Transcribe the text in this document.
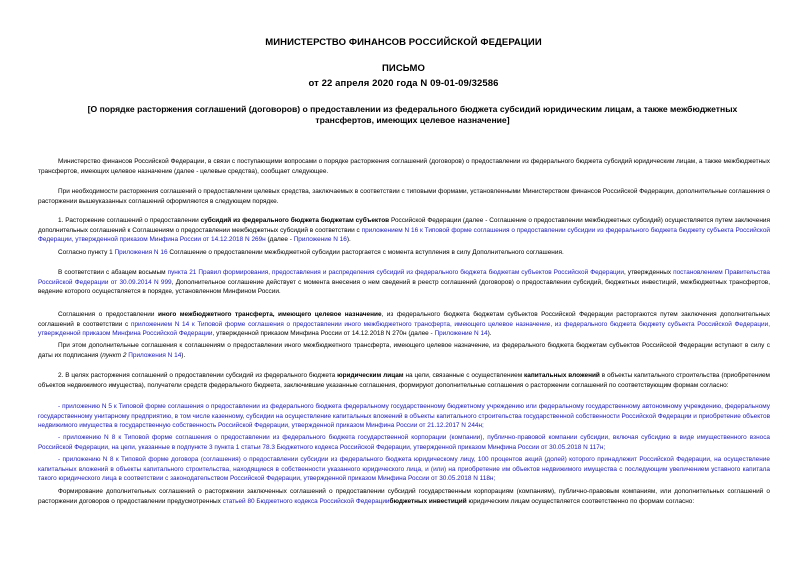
МИНИСТЕРСТВО ФИНАНСОВ РОССИЙСКОЙ ФЕДЕРАЦИИ
ПИСЬМО
от 22 апреля 2020 года N 09-01-09/32586
[О порядке расторжения соглашений (договоров) о предоставлении из федерального бюджета субсидий юридическим лицам, а также межбюджетных трансфертов, имеющих целевое назначение]

Министерство финансов Российской Федерации, в связи с поступающими вопросами о порядке расторжения соглашений (договоров) о предоставлении из федерального бюджета субсидий юридическим лицам, а также межбюджетных трансфертов, имеющих целевое назначение (далее - целевые средства), сообщает следующее.

При необходимости расторжения соглашений о предоставлении целевых средства, заключаемых в соответствии с типовыми формами, установленными Министерством финансов Российской Федерации, дополнительные соглашения о расторжении вышеуказанных соглашений оформляются в следующем порядке.

1. Расторжение соглашений о предоставлении субсидий из федерального бюджета бюджетам субъектов Российской Федерации (далее - Соглашение о предоставлении межбюджетных субсидий) осуществляется путем заключения дополнительных соглашений к Соглашениям о предоставлении межбюджетных субсидий в соответствии с приложением N 16 к Типовой форме соглашения о предоставлении субсидии из федерального бюджета бюджету субъекта Российской Федерации, утвержденной приказом Минфина России от 14.12.2018 N 269н (далее - Приложение N 16).

Согласно пункту 1 Приложения N 16 Соглашение о предоставлении межбюджетной субсидии расторгается с момента вступления в силу Дополнительного соглашения.

В соответствии с абзацем восьмым пункта 21 Правил формирования, предоставления и распределения субсидий из федерального бюджета бюджетам субъектов Российской Федерации, утвержденных постановлением Правительства Российской Федерации от 30.09.2014 N 999, Дополнительное соглашение действует с момента внесения о нем сведений в реестр соглашений (договоров) о предоставлении субсидий, бюджетных инвестиций, межбюджетных трансфертов, ведение которого осуществляется в порядке, установленном Минфином России.

Соглашения о предоставлении иного межбюджетного трансферта, имеющего целевое назначение, из федерального бюджета бюджетам субъектов Российской Федерации расторгаются путем заключения дополнительных соглашений в соответствии с приложением N 14 к Типовой форме соглашения о предоставлении иного межбюджетного трансферта, имеющего целевое назначение, из федерального бюджета бюджету субъекта Российской Федерации, утвержденной приказом Минфина Российской Федерации, утвержденной приказом Минфина России от 14.12.2018 N 270н (далее - Приложение N 14).

При этом дополнительные соглашения к соглашениям о предоставлении иного межбюджетного трансферта, имеющего целевое назначение, из федерального бюджета бюджетам субъектов Российской Федерации вступают в силу с даты их подписания (пункт 2 Приложения N 14).

2. В целях расторжения соглашений о предоставлении субсидий из федерального бюджета юридическим лицам на цели, связанные с осуществлением капитальных вложений в объекты капитального строительства (приобретением объектов недвижимого имущества), получатели средств федерального бюджета, заключившие указанные соглашения, формируют дополнительные соглашения о расторжении соглашений по соответствующим формам согласно:

- приложению N 5 к Типовой форме соглашения о предоставлении из федерального бюджета федеральному государственному бюджетному учреждению или федеральному государственному автономному учреждению, федеральному государственному унитарному предприятию, в том числе казенному, субсидии на осуществление капитальных вложений в объекты капитального строительства государственной собственности Российской Федерации и приобретение объектов недвижимого имущества в государственную собственность Российской Федерации, утвержденной приказом Минфина России от 21.12.2017 N 244н;

- приложению N 8 к Типовой форме соглашения о предоставлении из федерального бюджета государственной корпорации (компании), публично-правовой компании субсидии, включая субсидию в виде имущественного взноса Российской Федерации, на цели, указанные в подпункте 3 пункта 1 статьи 78.3 Бюджетного кодекса Российской Федерации, утвержденной приказом Минфина России от 30.05.2018 N 117н;

- приложению N 8 к Типовой форме договора (соглашения) о предоставлении субсидии из федерального бюджета юридическому лицу, 100 процентов акций (долей) которого принадлежит Российской Федерации, на осуществление капитальных вложений в объекты капитального строительства, находящиеся в собственности указанного юридического лица, и (или) на приобретение им объектов недвижимого имущества с последующим увеличением уставного капитала такого юридического лица в соответствии с законодательством Российской Федерации, утвержденной приказом Минфина России от 30.05.2018 N 118н;

Формирование дополнительных соглашений о расторжении заключенных соглашений о предоставлении субсидий государственным корпорациям (компаниям), публично-правовым компаниям, или дополнительных соглашений о расторжении договоров о предоставлении предусмотренных статьей 80 Бюджетного кодекса Российской Федерациибюджетных инвестиций юридическим лицам осуществляется соответственно по формам согласно:
